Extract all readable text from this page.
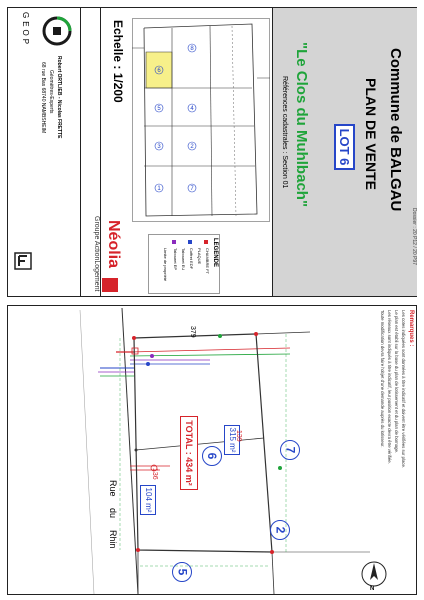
Commune de BALGAU
PLAN DE VENTE
LOT 6
"Le Clos du Muhlbach"
Références cadastrales : Section 01
Dossier : 20 P12 / 20 P97
GEOP
Robert ORTLIEB - Nicolas FRETTE
Géomètres-Experts
68 rue Bas 68740 NAMBSHEIM	Echelle : 1/200
Néolia
Groupe ActionLogement
6
8
5	4
3	2
1	7
LEGENDE
CHAMBRE FT
PLAQUE
Coffret EDF
Tabouret EU
Tabouret EP
Limite de propriété
Remarques :
Les cotes indiquées sont données à titre indicatif et doivent être vérifiées sur place.
Le plan est établi sur la base du plan de lotissement et du plan de bornage.
Les réseaux sont indiqués à titre indicatif, leur position exacte devra être vérifiée.
Toute modification devra faire l'objet d'une demande auprès du lotisseur.
379
315 m²
139
6
TOTAL : 434 m²
136
104 m²
7
2
5
Rue
du
Rhin
N
